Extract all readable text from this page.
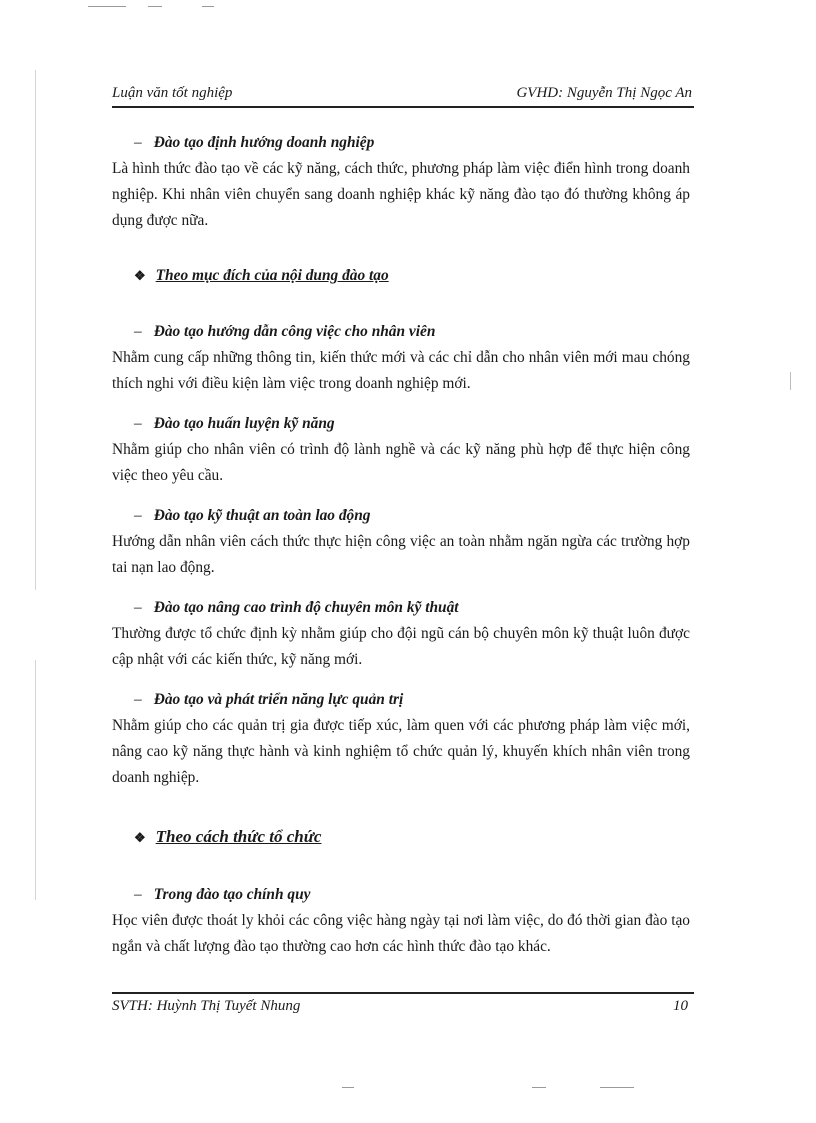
Luận văn tốt nghiệp	GVHD: Nguyễn Thị Ngọc An

– Đào tạo định hướng doanh nghiệp

Là hình thức đào tạo về các kỹ năng, cách thức, phương pháp làm việc điển hình trong doanh nghiệp. Khi nhân viên chuyển sang doanh nghiệp khác kỹ năng đào tạo đó thường không áp dụng được nữa.

❖ Theo mục đích của nội dung đào tạo

– Đào tạo hướng dẫn công việc cho nhân viên

Nhằm cung cấp những thông tin, kiến thức mới và các chỉ dẫn cho nhân viên mới mau chóng thích nghi với điều kiện làm việc trong doanh nghiệp mới.

– Đào tạo huấn luyện kỹ năng

Nhằm giúp cho nhân viên có trình độ lành nghề và các kỹ năng phù hợp để thực hiện công việc theo yêu cầu.

– Đào tạo kỹ thuật an toàn lao động

Hướng dẫn nhân viên cách thức thực hiện công việc an toàn nhằm ngăn ngừa các trường hợp tai nạn lao động.

– Đào tạo nâng cao trình độ chuyên môn kỹ thuật

Thường được tổ chức định kỳ nhằm giúp cho đội ngũ cán bộ chuyên môn kỹ thuật luôn được cập nhật với các kiến thức, kỹ năng mới.

– Đào tạo và phát triển năng lực quản trị

Nhằm giúp cho các quản trị gia được tiếp xúc, làm quen với các phương pháp làm việc mới, nâng cao kỹ năng thực hành và kinh nghiệm tổ chức quản lý, khuyến khích nhân viên trong doanh nghiệp.

❖ Theo cách thức tổ chức

– Trong đào tạo chính quy

Học viên được thoát ly khỏi các công việc hàng ngày tại nơi làm việc, do đó thời gian đào tạo ngắn và chất lượng đào tạo thường cao hơn các hình thức đào tạo khác.

SVTH: Huỳnh Thị Tuyết Nhung	10
